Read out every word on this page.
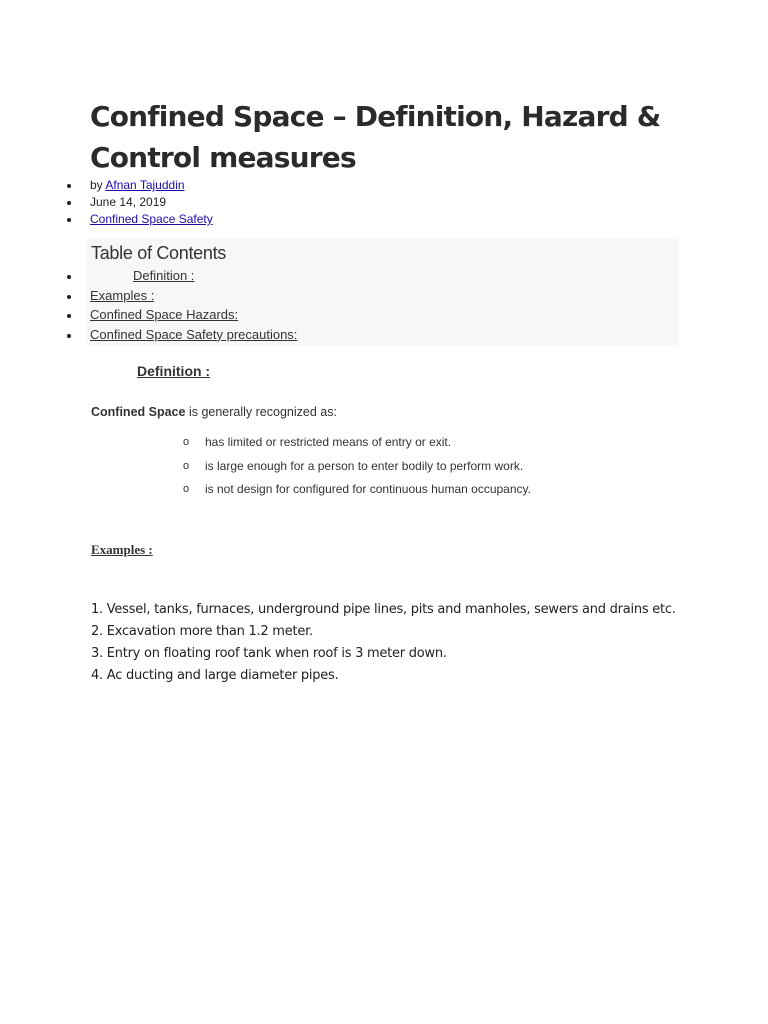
Confined Space – Definition, Hazard & Control measures
by Afnan Tajuddin
June 14, 2019
Confined Space Safety
Table of Contents
Definition :
Examples :
Confined Space Hazards:
Confined Space Safety precautions:
Definition :
Confined Space is generally recognized as:
o has limited or restricted means of entry or exit.
o is large enough for a person to enter bodily to perform work.
o is not design for configured for continuous human occupancy.
Examples :
1. Vessel, tanks, furnaces, underground pipe lines, pits and manholes, sewers and drains etc.
2. Excavation more than 1.2 meter.
3. Entry on floating roof tank when roof is 3 meter down.
4. Ac ducting and large diameter pipes.
